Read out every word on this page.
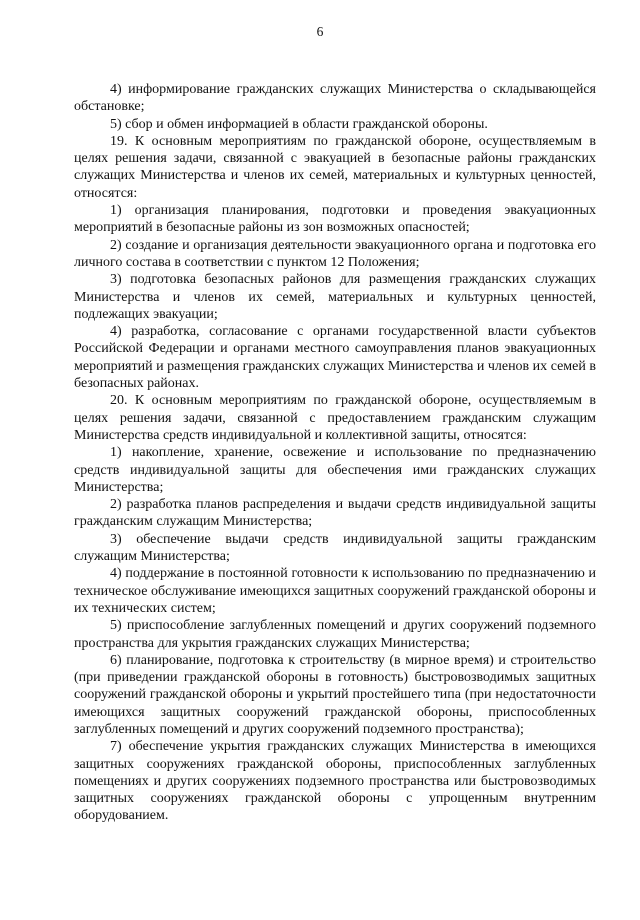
6

4) информирование гражданских служащих Министерства о складывающейся обстановке;

5) сбор и обмен информацией в области гражданской обороны.

19. К основным мероприятиям по гражданской обороне, осуществляемым в целях решения задачи, связанной с эвакуацией в безопасные районы гражданских служащих Министерства и членов их семей, материальных и культурных ценностей, относятся:

1) организация планирования, подготовки и проведения эвакуационных мероприятий в безопасные районы из зон возможных опасностей;

2) создание и организация деятельности эвакуационного органа и подготовка его личного состава в соответствии с пунктом 12 Положения;

3) подготовка безопасных районов для размещения гражданских служащих Министерства и членов их семей, материальных и культурных ценностей, подлежащих эвакуации;

4) разработка, согласование с органами государственной власти субъектов Российской Федерации и органами местного самоуправления планов эвакуационных мероприятий и размещения гражданских служащих Министерства и членов их семей в безопасных районах.

20. К основным мероприятиям по гражданской обороне, осуществляемым в целях решения задачи, связанной с предоставлением гражданским служащим Министерства средств индивидуальной и коллективной защиты, относятся:

1) накопление, хранение, освежение и использование по предназначению средств индивидуальной защиты для обеспечения ими гражданских служащих Министерства;

2) разработка планов распределения и выдачи средств индивидуальной защиты гражданским служащим Министерства;

3) обеспечение выдачи средств индивидуальной защиты гражданским служащим Министерства;

4) поддержание в постоянной готовности к использованию по предназначению и техническое обслуживание имеющихся защитных сооружений гражданской обороны и их технических систем;

5) приспособление заглубленных помещений и других сооружений подземного пространства для укрытия гражданских служащих Министерства;

6) планирование, подготовка к строительству (в мирное время) и строительство (при приведении гражданской обороны в готовность) быстровозводимых защитных сооружений гражданской обороны и укрытий простейшего типа (при недостаточности имеющихся защитных сооружений гражданской обороны, приспособленных заглубленных помещений и других сооружений подземного пространства);

7) обеспечение укрытия гражданских служащих Министерства в имеющихся защитных сооружениях гражданской обороны, приспособленных заглубленных помещениях и других сооружениях подземного пространства или быстровозводимых защитных сооружениях гражданской обороны с упрощенным внутренним оборудованием.
